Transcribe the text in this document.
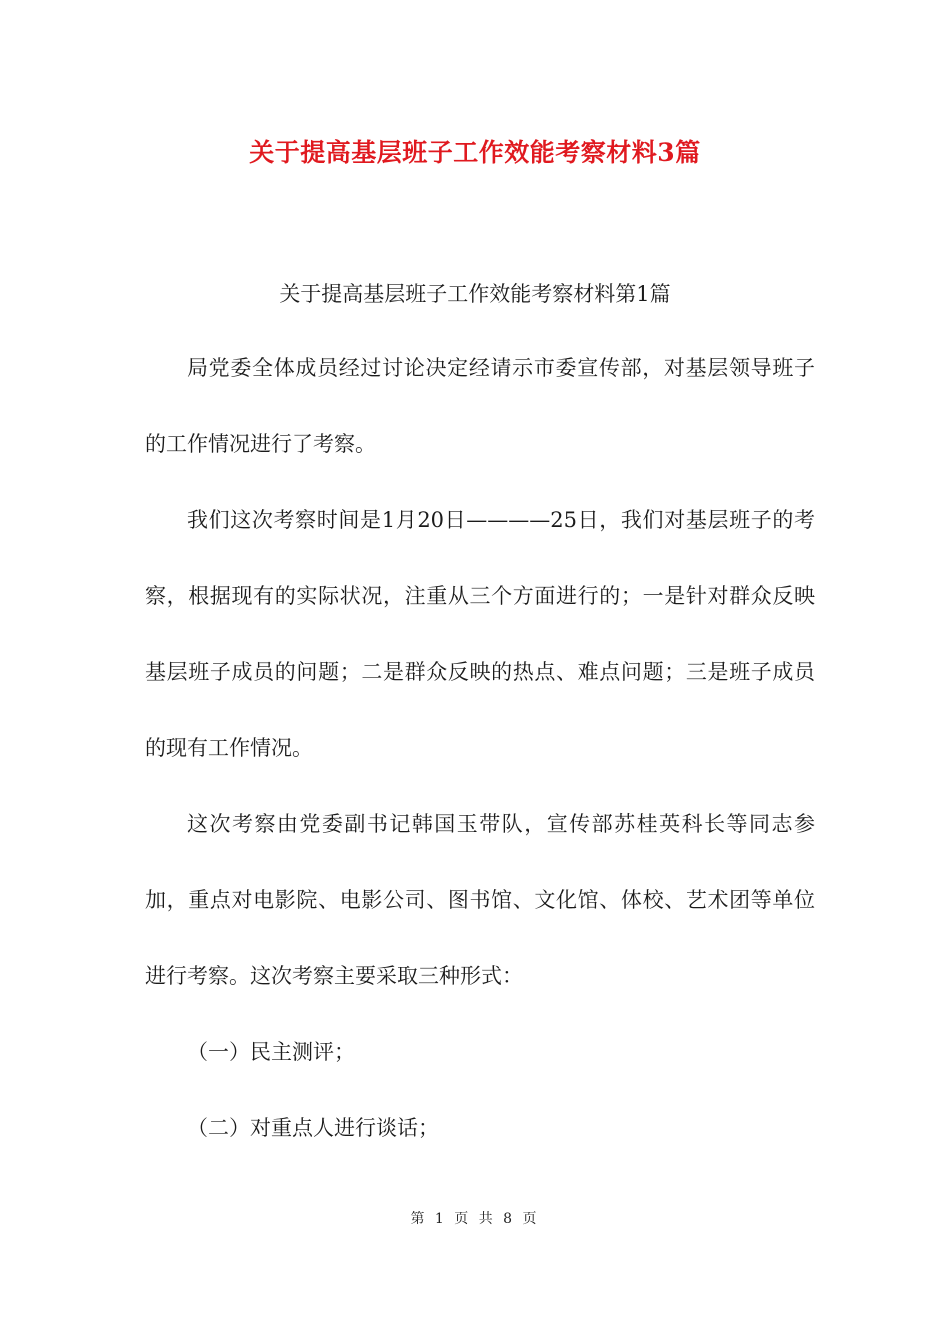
关于提高基层班子工作效能考察材料3篇
关于提高基层班子工作效能考察材料第1篇

局党委全体成员经过讨论决定经请示市委宣传部，对基层领导班子的工作情况进行了考察。

我们这次考察时间是1月20日————25日，我们对基层班子的考察，根据现有的实际状况，注重从三个方面进行的；一是针对群众反映基层班子成员的问题；二是群众反映的热点、难点问题；三是班子成员的现有工作情况。

这次考察由党委副书记韩国玉带队，宣传部苏桂英科长等同志参加，重点对电影院、电影公司、图书馆、文化馆、体校、艺术团等单位进行考察。这次考察主要采取三种形式：

（一）民主测评；

（二）对重点人进行谈话；

第 1 页 共 8 页
